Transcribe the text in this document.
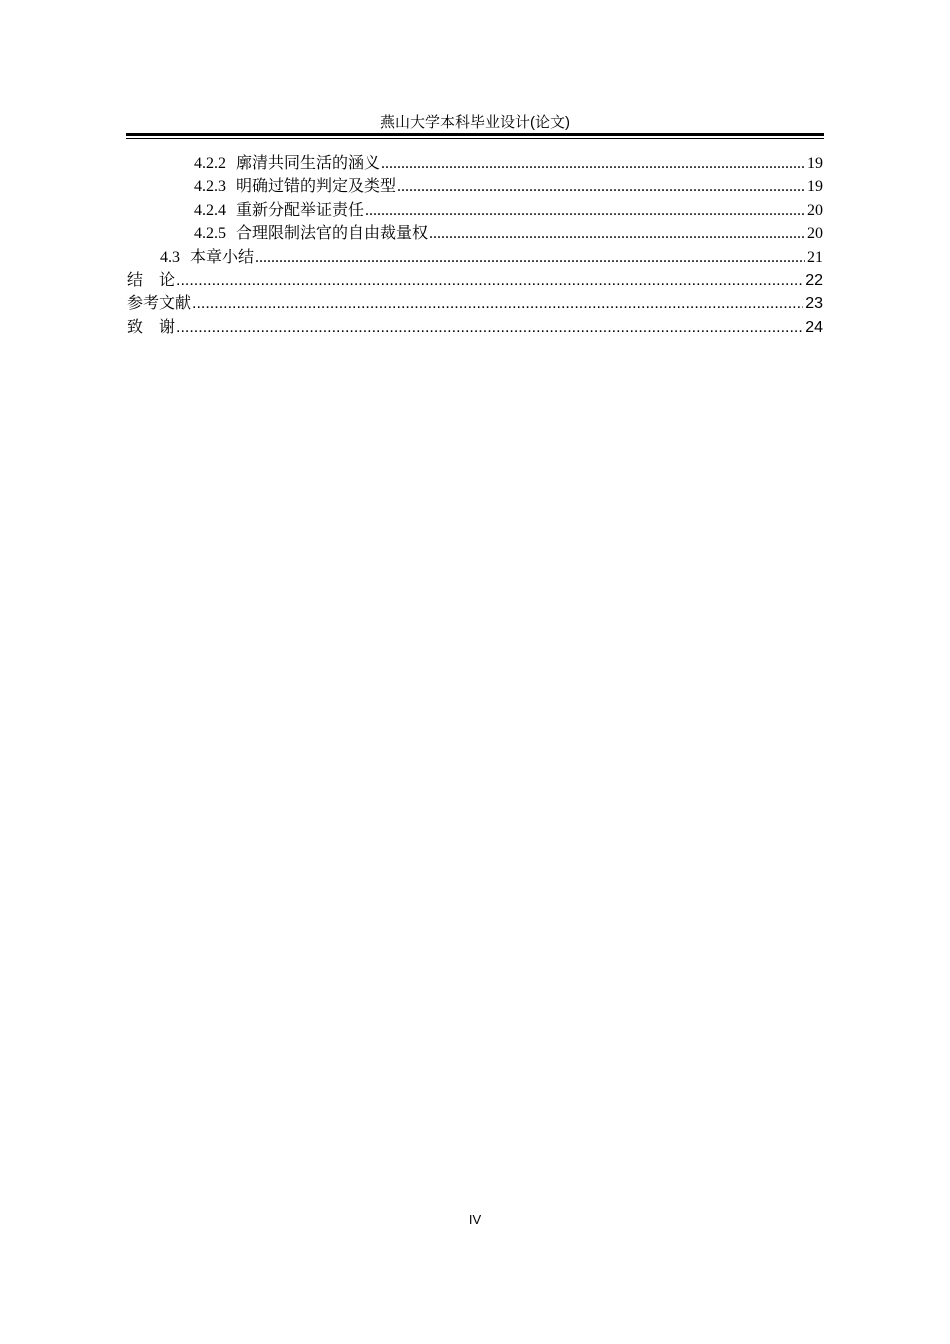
燕山大学本科毕业设计(论文)
4.2.2 廓清共同生活的涵义 .....	19
4.2.3 明确过错的判定及类型 .....	19
4.2.4 重新分配举证责任 .....	20
4.2.5 合理限制法官的自由裁量权 .....	20
4.3 本章小结 .....	21
结　论 .....	22
参考文献 .....	23
致　谢 .....	24
IV
